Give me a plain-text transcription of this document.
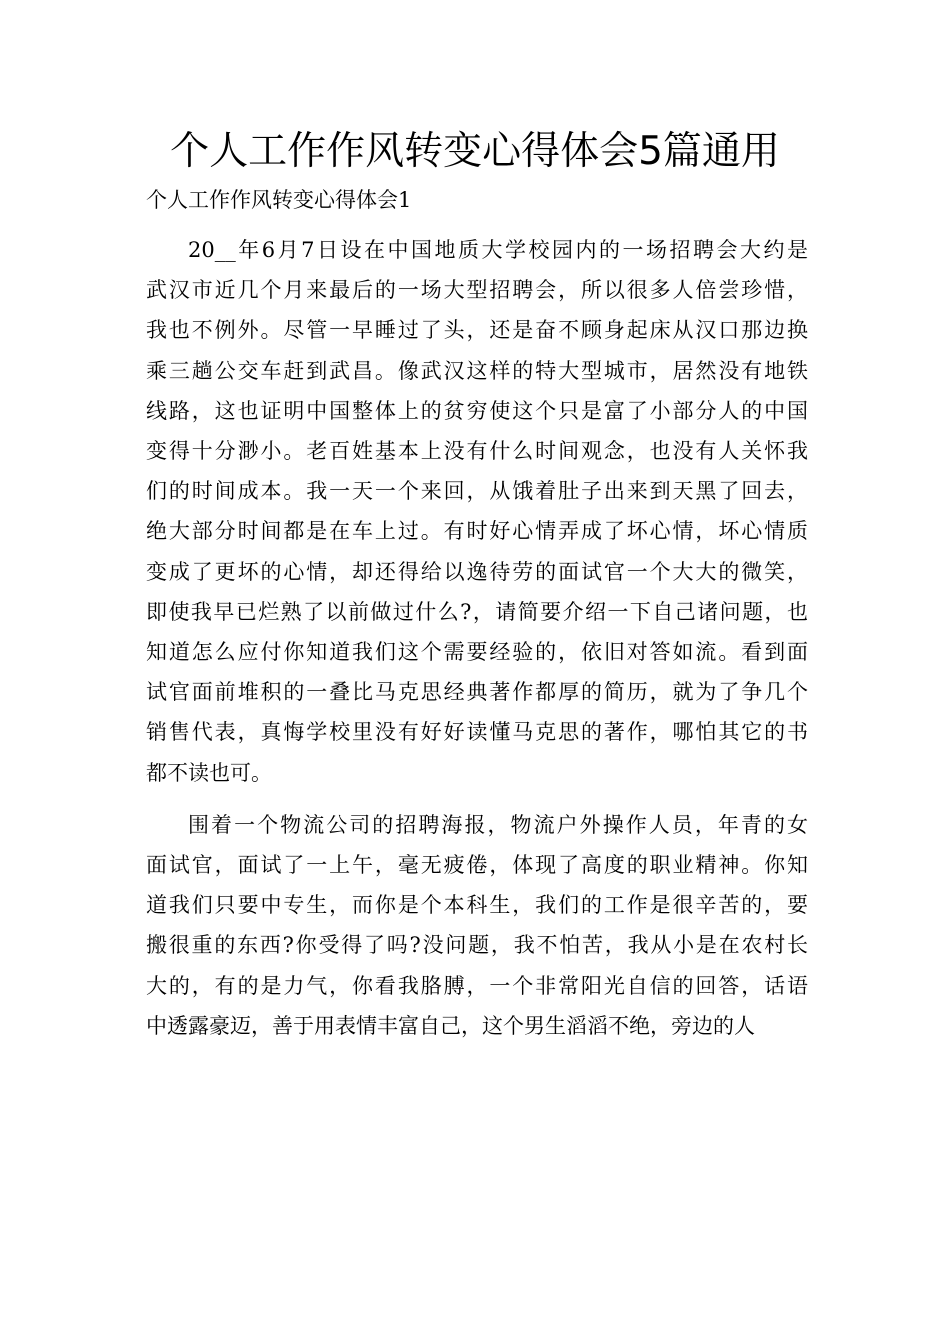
个人工作作风转变心得体会5篇通用
个人工作作风转变心得体会1
20__年6月7日设在中国地质大学校园内的一场招聘会大约是
武汉市近几个月来最后的一场大型招聘会，所以很多人倍尝珍惜，
我也不例外。尽管一早睡过了头，还是奋不顾身起床从汉口那边换
乘三趟公交车赶到武昌。像武汉这样的特大型城市，居然没有地铁
线路，这也证明中国整体上的贫穷使这个只是富了小部分人的中国
变得十分渺小。老百姓基本上没有什么时间观念，也没有人关怀我
们的时间成本。我一天一个来回，从饿着肚子出来到天黑了回去，
绝大部分时间都是在车上过。有时好心情弄成了坏心情，坏心情质
变成了更坏的心情，却还得给以逸待劳的面试官一个大大的微笑，
即使我早已烂熟了以前做过什么?，请简要介绍一下自己诸问题，也
知道怎么应付你知道我们这个需要经验的，依旧对答如流。看到面
试官面前堆积的一叠比马克思经典著作都厚的简历，就为了争几个
销售代表，真悔学校里没有好好读懂马克思的著作，哪怕其它的书
都不读也可。
围着一个物流公司的招聘海报，物流户外操作人员，年青的女
面试官，面试了一上午，毫无疲倦，体现了高度的职业精神。你知
道我们只要中专生，而你是个本科生，我们的工作是很辛苦的，要
搬很重的东西?你受得了吗?没问题，我不怕苦，我从小是在农村长
大的，有的是力气，你看我胳膊，一个非常阳光自信的回答，话语
中透露豪迈，善于用表情丰富自己，这个男生滔滔不绝，旁边的人
